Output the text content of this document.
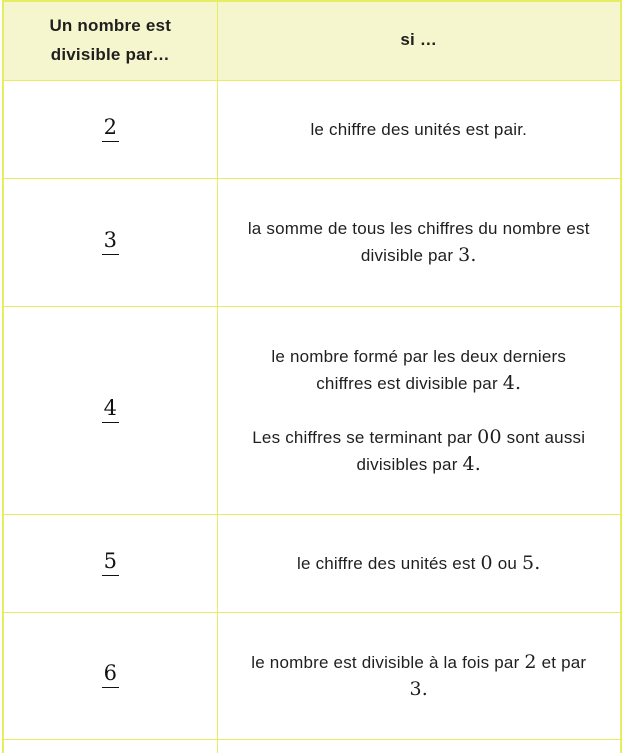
Un nombre est divisible par…	si …
2	le chiffre des unités est pair.

3	la somme de tous les chiffres du nombre est divisible par 3.

4	le nombre formé par les deux derniers chiffres est divisible par 4.

Les chiffres se terminant par 00 sont aussi divisibles par 4.

5	le chiffre des unités est 0 ou 5.

6	le nombre est divisible à la fois par 2 et par 3.
